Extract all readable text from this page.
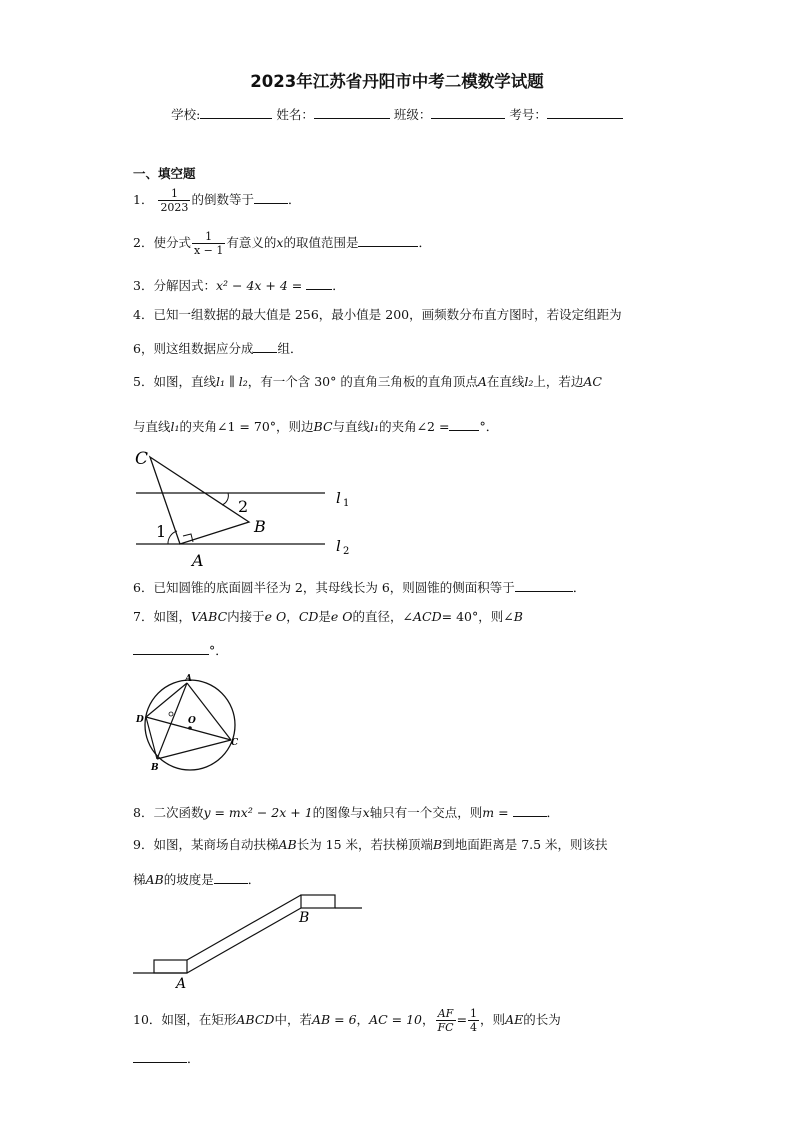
2023年江苏省丹阳市中考二模数学试题
学校:	姓名：	班级：	考号：
一、填空题
1． $\frac{1}{2023}$ 的倒数等于	．
2．使分式 $\frac{1}{x - 1}$ 有意义的x的取值范围是	．
3．分解因式：x² − 4x + 4 = ．
4．已知一组数据的最大值是 256，最小值是 200，画频数分布直方图时，若设定组距为
6，则这组数据应分成 组．
5．如图，直线l₁ ∥ l₂，有一个含 30° 的直角三角板的直角顶点A在直线l₂上，若边AC
与直线l₁的夹角∠1 = 70°，则边BC与直线l₁的夹角∠2 = °．
C
2
B
1
A
l 1
l 2
6．已知圆锥的底面圆半径为 2，其母线长为 6，则圆锥的侧面积等于	．
7．如图，VABC内接于e O，CD是e O的直径，∠ACD= 40°，则∠B
°．
A
D	O
C
B
8．二次函数y = mx² − 2x + 1的图像与x轴只有一个交点，则m =	．
9．如图，某商场自动扶梯AB长为 15 米，若扶梯顶端B到地面距离是 7.5 米，则该扶
梯AB的坡度是	．
B
A
10．如图，在矩形ABCD中，若AB = 6，AC = 10， $\frac{AF}{FC} = \frac{1}{4}$ ，则AE的长为
．
